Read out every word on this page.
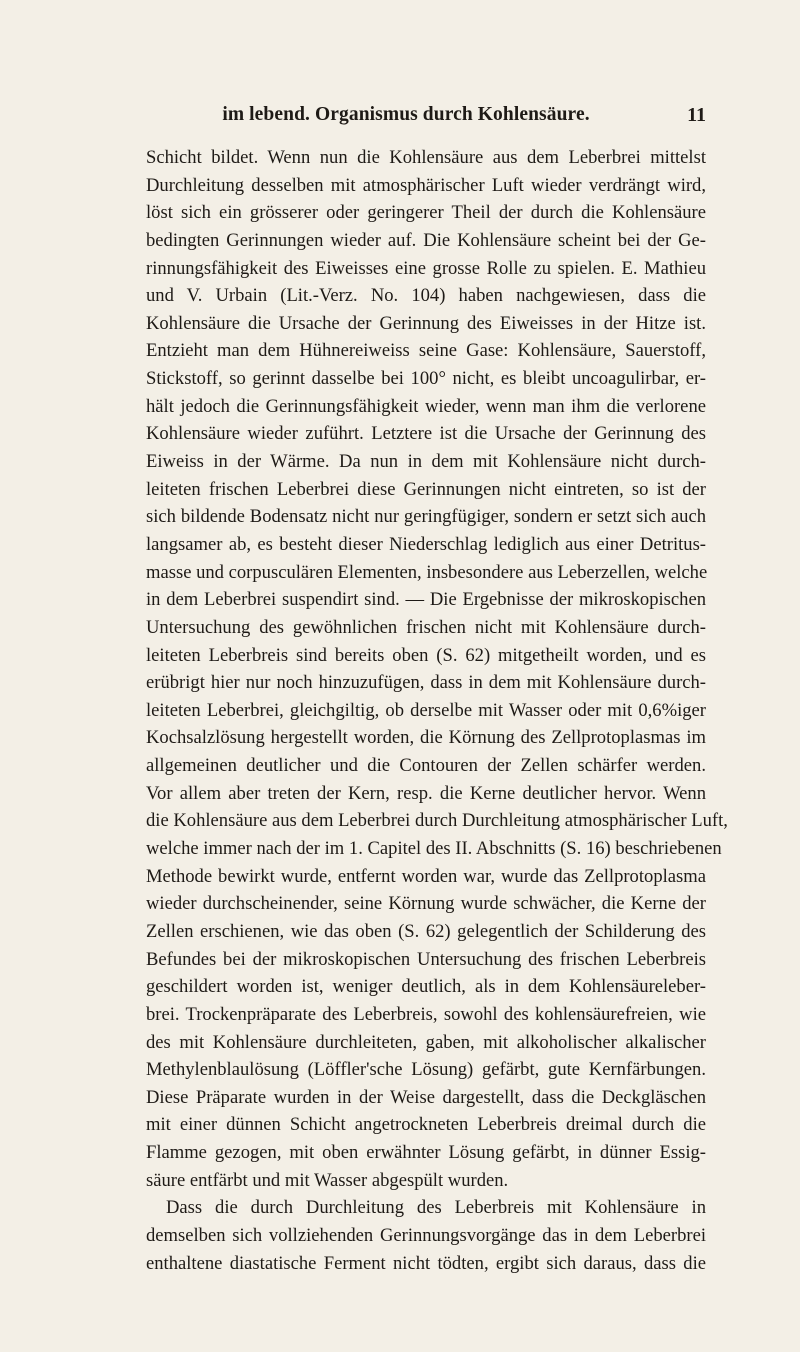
im lebend. Organismus durch Kohlensäure.	11
Schicht bildet. Wenn nun die Kohlensäure aus dem Leberbrei mittelst
Durchleitung desselben mit atmosphärischer Luft wieder verdrängt wird,
löst sich ein grösserer oder geringerer Theil der durch die Kohlensäure
bedingten Gerinnungen wieder auf. Die Kohlensäure scheint bei der Ge-
rinnungsfähigkeit des Eiweisses eine grosse Rolle zu spielen. E. Mathieu
und V. Urbain (Lit.-Verz. No. 104) haben nachgewiesen, dass die
Kohlensäure die Ursache der Gerinnung des Eiweisses in der Hitze ist.
Entzieht man dem Hühnereiweiss seine Gase: Kohlensäure, Sauerstoff,
Stickstoff, so gerinnt dasselbe bei 100° nicht, es bleibt uncoagulirbar, er-
hält jedoch die Gerinnungsfähigkeit wieder, wenn man ihm die verlorene
Kohlensäure wieder zuführt. Letztere ist die Ursache der Gerinnung des
Eiweiss in der Wärme. Da nun in dem mit Kohlensäure nicht durch-
leiteten frischen Leberbrei diese Gerinnungen nicht eintreten, so ist der
sich bildende Bodensatz nicht nur geringfügiger, sondern er setzt sich auch
langsamer ab, es besteht dieser Niederschlag lediglich aus einer Detritus-
masse und corpusculären Elementen, insbesondere aus Leberzellen, welche
in dem Leberbrei suspendirt sind. — Die Ergebnisse der mikroskopischen
Untersuchung des gewöhnlichen frischen nicht mit Kohlensäure durch-
leiteten Leberbreis sind bereits oben (S. 62) mitgetheilt worden, und es
erübrigt hier nur noch hinzuzufügen, dass in dem mit Kohlensäure durch-
leiteten Leberbrei, gleichgiltig, ob derselbe mit Wasser oder mit 0,6%iger
Kochsalzlösung hergestellt worden, die Körnung des Zellprotoplasmas im
allgemeinen deutlicher und die Contouren der Zellen schärfer werden.
Vor allem aber treten der Kern, resp. die Kerne deutlicher hervor. Wenn
die Kohlensäure aus dem Leberbrei durch Durchleitung atmosphärischer Luft,
welche immer nach der im 1. Capitel des II. Abschnitts (S. 16) beschriebenen
Methode bewirkt wurde, entfernt worden war, wurde das Zellprotoplasma
wieder durchscheinender, seine Körnung wurde schwächer, die Kerne der
Zellen erschienen, wie das oben (S. 62) gelegentlich der Schilderung des
Befundes bei der mikroskopischen Untersuchung des frischen Leberbreis
geschildert worden ist, weniger deutlich, als in dem Kohlensäureleber-
brei. Trockenpräparate des Leberbreis, sowohl des kohlensäurefreien, wie
des mit Kohlensäure durchleiteten, gaben, mit alkoholischer alkalischer
Methylenblaulösung (Löffler'sche Lösung) gefärbt, gute Kernfärbungen.
Diese Präparate wurden in der Weise dargestellt, dass die Deckgläschen
mit einer dünnen Schicht angetrockneten Leberbreis dreimal durch die
Flamme gezogen, mit oben erwähnter Lösung gefärbt, in dünner Essig-
säure entfärbt und mit Wasser abgespült wurden.
Dass die durch Durchleitung des Leberbreis mit Kohlensäure in
demselben sich vollziehenden Gerinnungsvorgänge das in dem Leberbrei
enthaltene diastatische Ferment nicht tödten, ergibt sich daraus, dass die
